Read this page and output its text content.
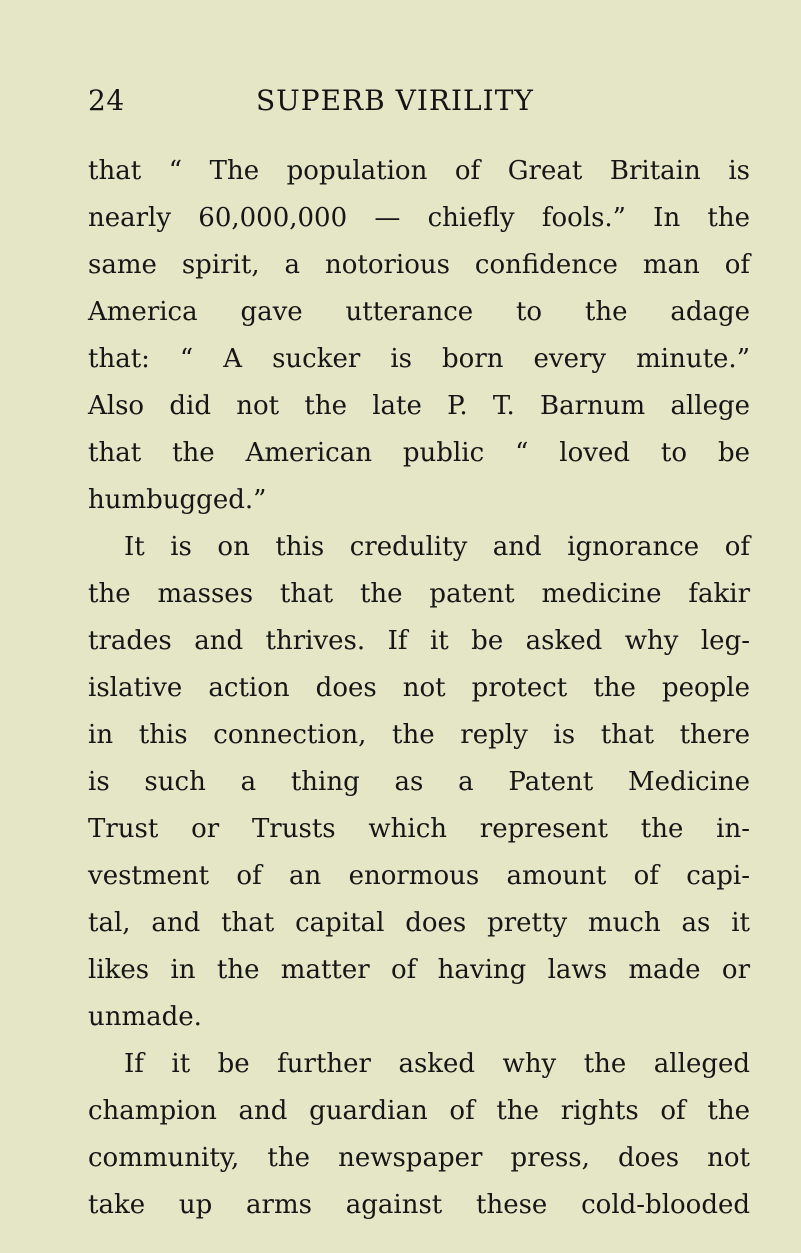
24	SUPERB VIRILITY
that “ The population of Great Britain is
nearly 60,000,000 — chiefly fools.” In the
same spirit, a notorious confidence man of
America gave utterance to the adage
that: “ A sucker is born every minute.”
Also did not the late P. T. Barnum allege
that the American public “ loved to be
humbugged.”
It is on this credulity and ignorance of
the masses that the patent medicine fakir
trades and thrives. If it be asked why leg-
islative action does not protect the people
in this connection, the reply is that there
is such a thing as a Patent Medicine
Trust or Trusts which represent the in-
vestment of an enormous amount of capi-
tal, and that capital does pretty much as it
likes in the matter of having laws made or
unmade.
If it be further asked why the alleged
champion and guardian of the rights of the
community, the newspaper press, does not
take up arms against these cold-blooded
